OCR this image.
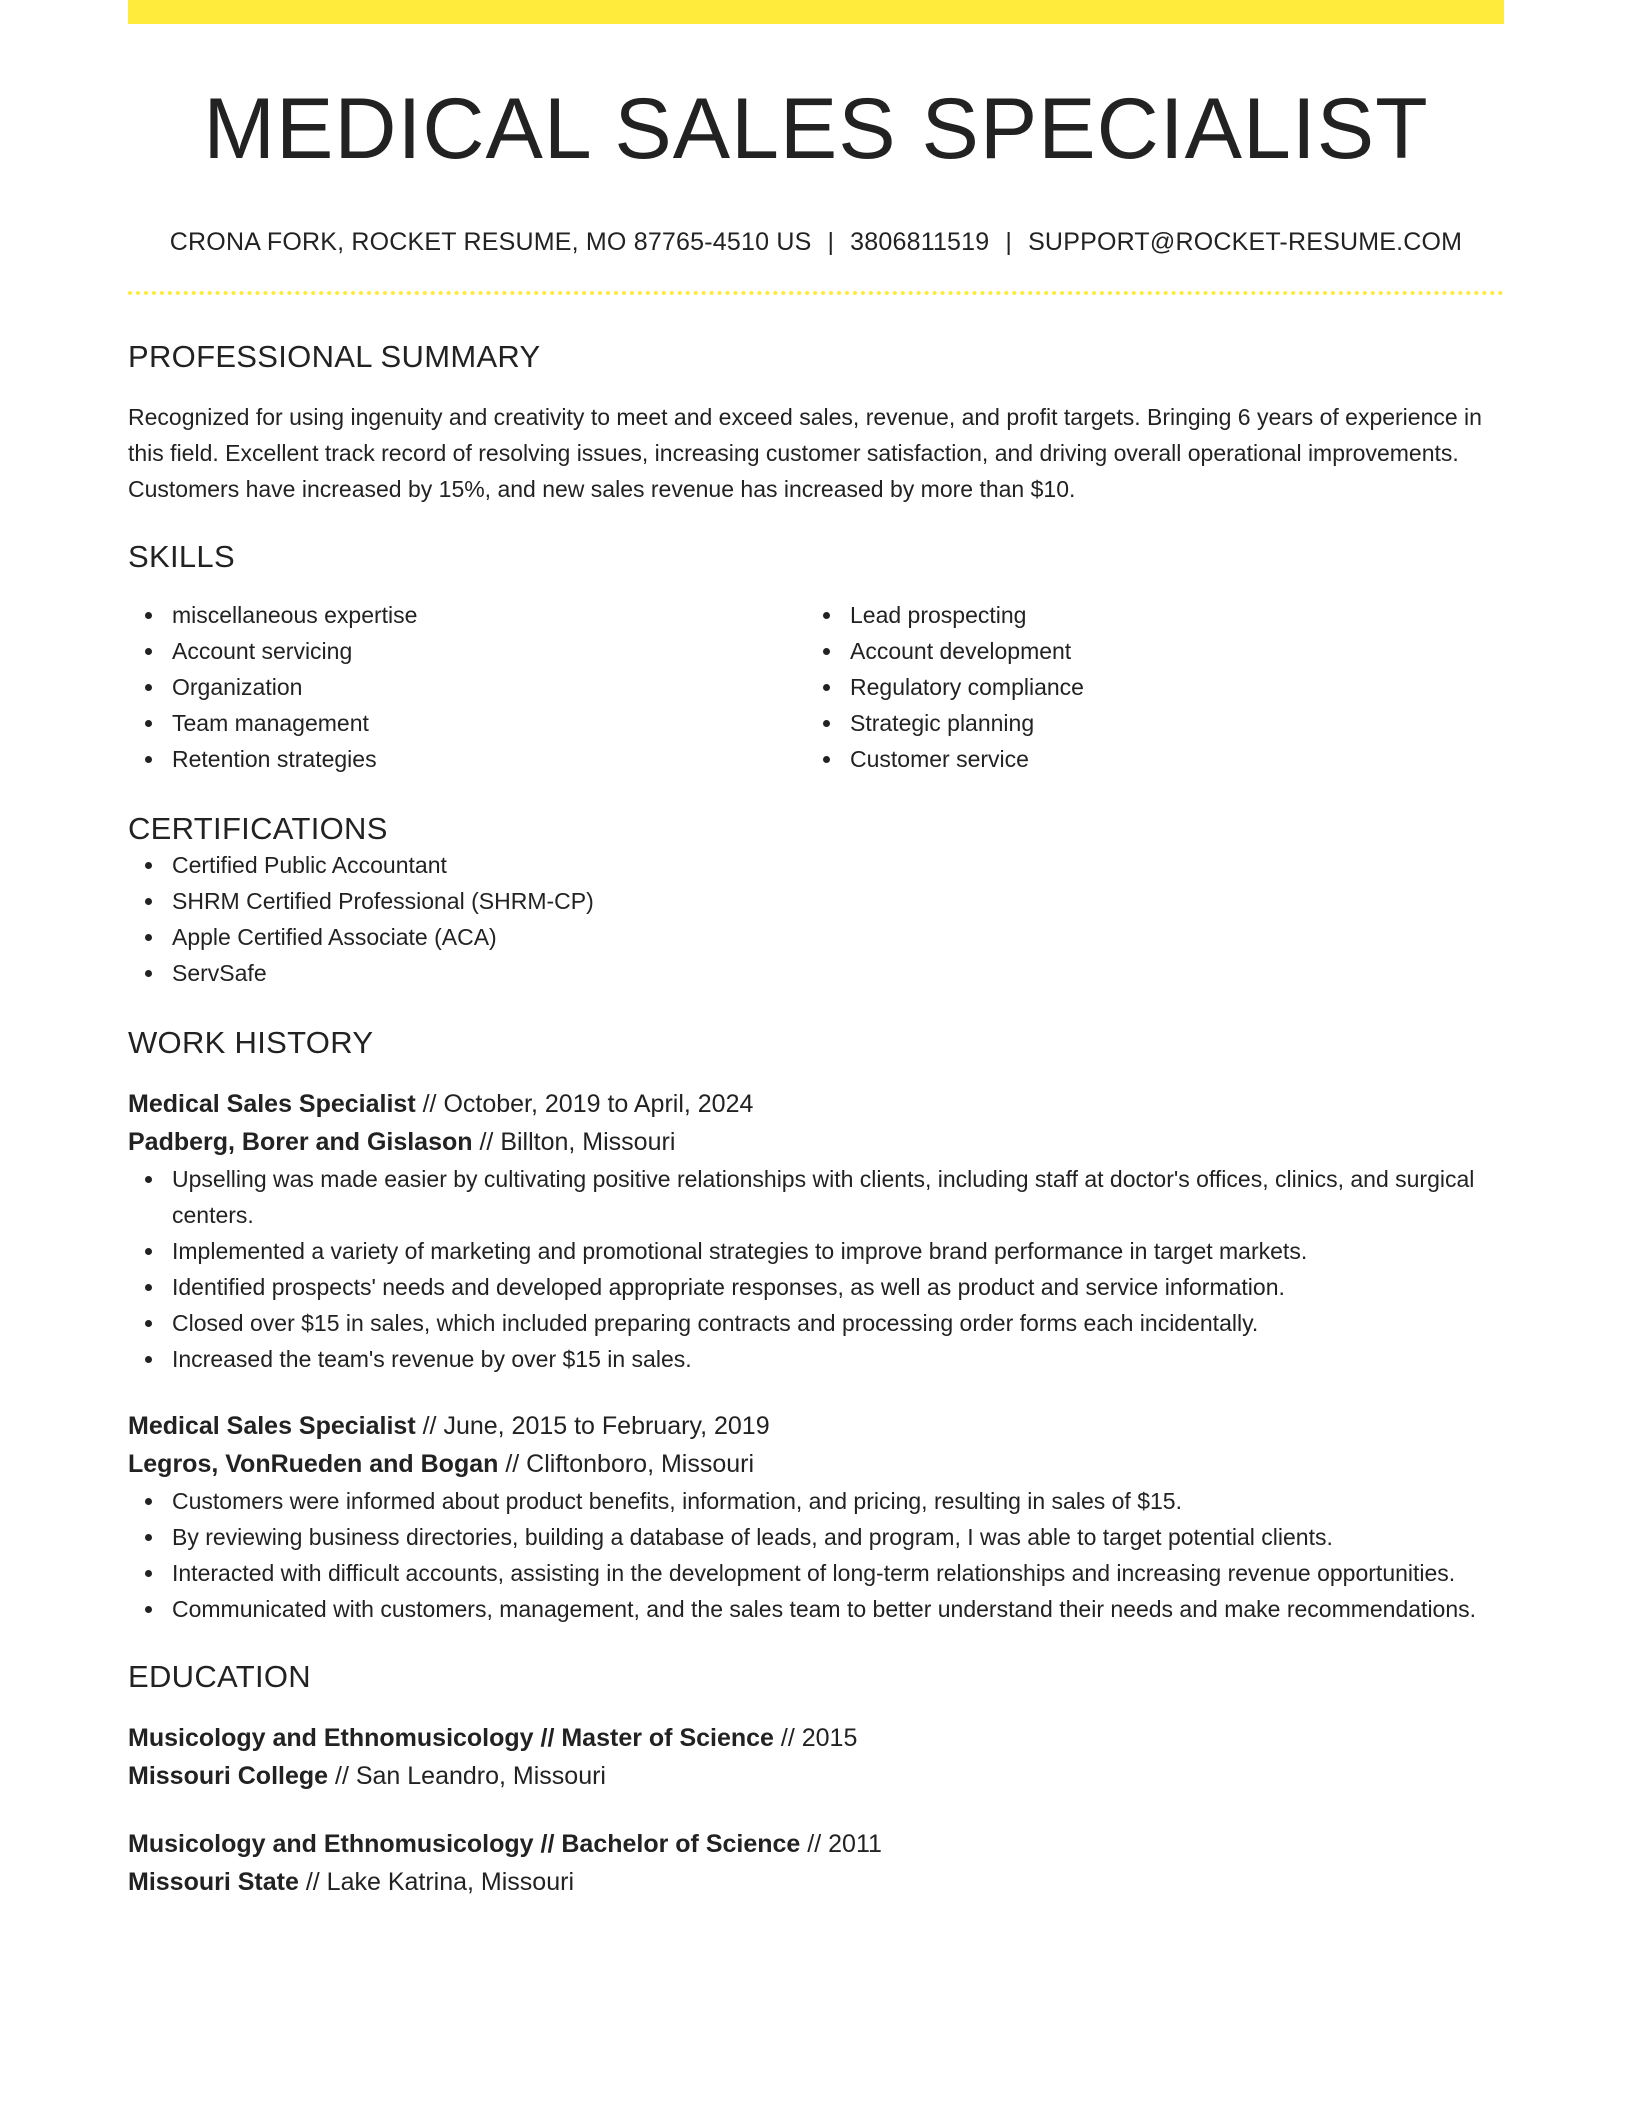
MEDICAL SALES SPECIALIST
CRONA FORK, ROCKET RESUME, MO 87765-4510 US | 3806811519 | SUPPORT@ROCKET-RESUME.COM
PROFESSIONAL SUMMARY
Recognized for using ingenuity and creativity to meet and exceed sales, revenue, and profit targets. Bringing 6 years of experience in this field. Excellent track record of resolving issues, increasing customer satisfaction, and driving overall operational improvements. Customers have increased by 15%, and new sales revenue has increased by more than $10.
SKILLS
miscellaneous expertise
Account servicing
Organization
Team management
Retention strategies
Lead prospecting
Account development
Regulatory compliance
Strategic planning
Customer service
CERTIFICATIONS
Certified Public Accountant
SHRM Certified Professional (SHRM-CP)
Apple Certified Associate (ACA)
ServSafe
WORK HISTORY
Medical Sales Specialist // October, 2019 to April, 2024
Padberg, Borer and Gislason // Billton, Missouri
Upselling was made easier by cultivating positive relationships with clients, including staff at doctor's offices, clinics, and surgical centers.
Implemented a variety of marketing and promotional strategies to improve brand performance in target markets.
Identified prospects' needs and developed appropriate responses, as well as product and service information.
Closed over $15 in sales, which included preparing contracts and processing order forms each incidentally.
Increased the team's revenue by over $15 in sales.
Medical Sales Specialist // June, 2015 to February, 2019
Legros, VonRueden and Bogan // Cliftonboro, Missouri
Customers were informed about product benefits, information, and pricing, resulting in sales of $15.
By reviewing business directories, building a database of leads, and program, I was able to target potential clients.
Interacted with difficult accounts, assisting in the development of long-term relationships and increasing revenue opportunities.
Communicated with customers, management, and the sales team to better understand their needs and make recommendations.
EDUCATION
Musicology and Ethnomusicology // Master of Science // 2015
Missouri College // San Leandro, Missouri
Musicology and Ethnomusicology // Bachelor of Science // 2011
Missouri State // Lake Katrina, Missouri
